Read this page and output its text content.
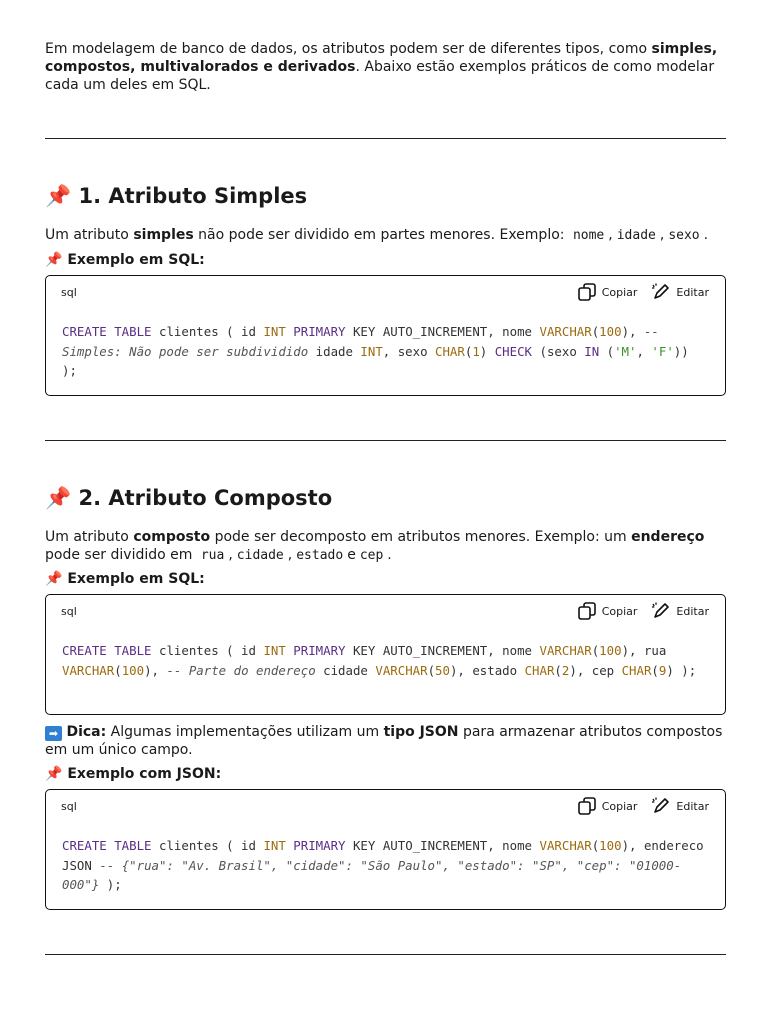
Em modelagem de banco de dados, os atributos podem ser de diferentes tipos, como simples, compostos, multivalorados e derivados. Abaixo estão exemplos práticos de como modelar cada um deles em SQL.

📌 1. Atributo Simples

Um atributo simples não pode ser dividido em partes menores. Exemplo: nome , idade , sexo .

📌 Exemplo em SQL:

sql	Copiar	Editar
CREATE TABLE clientes ( id INT PRIMARY KEY AUTO_INCREMENT, nome VARCHAR(100), -- Simples: Não pode ser subdividido idade INT, sexo CHAR(1) CHECK (sexo IN ('M', 'F')) );
📌 2. Atributo Composto

Um atributo composto pode ser decomposto em atributos menores. Exemplo: um endereço pode ser dividido em rua , cidade , estado e cep .

📌 Exemplo em SQL:

sql	Copiar	Editar
CREATE TABLE clientes ( id INT PRIMARY KEY AUTO_INCREMENT, nome VARCHAR(100), rua VARCHAR(100), -- Parte do endereço cidade VARCHAR(50), estado CHAR(2), cep CHAR(9) );

➡ Dica: Algumas implementações utilizam um tipo JSON para armazenar atributos compostos em um único campo.

📌 Exemplo com JSON:

sql	Copiar	Editar
CREATE TABLE clientes ( id INT PRIMARY KEY AUTO_INCREMENT, nome VARCHAR(100), endereco JSON -- {"rua": "Av. Brasil", "cidade": "São Paulo", "estado": "SP", "cep": "01000-000"} );
